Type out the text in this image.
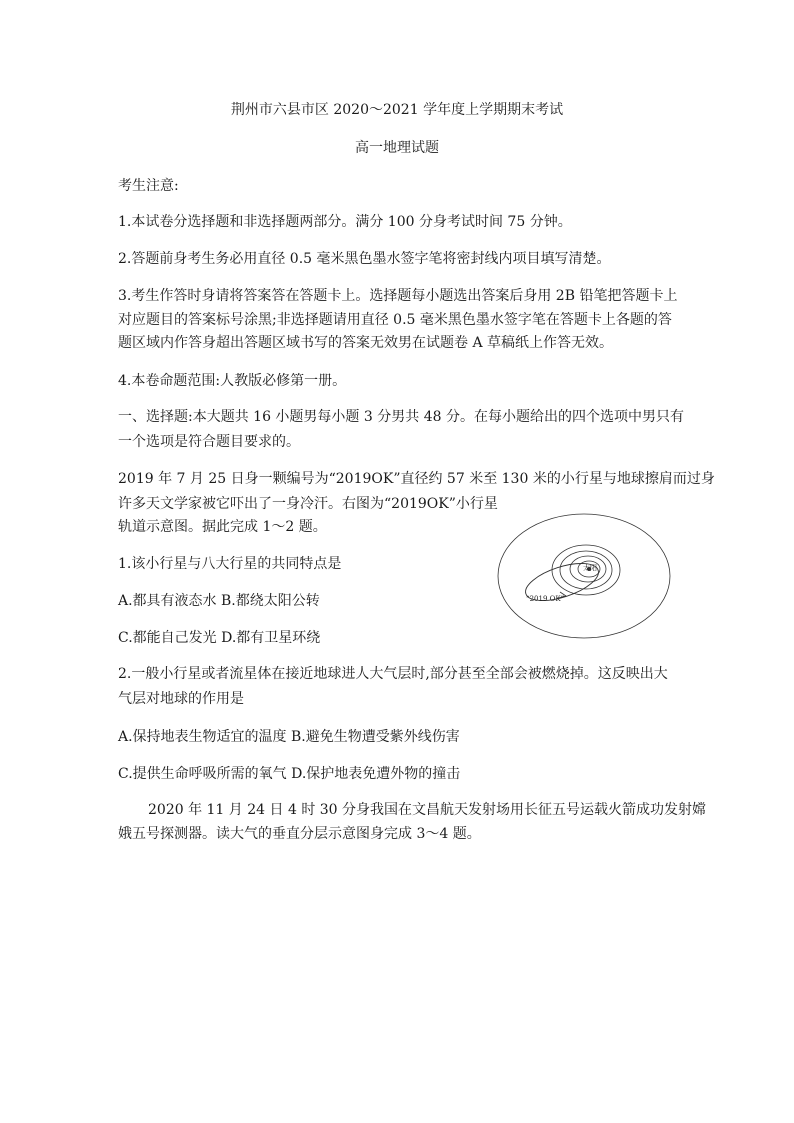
荆州市六县市区 2020～2021 学年度上学期期末考试
高一地理试题
考生注意:
1.本试卷分选择题和非选择题两部分。满分 100 分身考试时间 75 分钟。
2.答题前身考生务必用直径 0.5 毫米黑色墨水签字笔将密封线内项目填写清楚。
3.考生作答时身请将答案答在答题卡上。选择题每小题选出答案后身用 2B 铅笔把答题卡上
对应题目的答案标号涂黑;非选择题请用直径 0.5 毫米黑色墨水签字笔在答题卡上各题的答
题区域内作答身超出答题区域书写的答案无效男在试题卷 A 草稿纸上作答无效。
4.本卷命题范围:人教版必修第一册。
一、选择题:本大题共 16 小题男每小题 3 分男共 48 分。在每小题给出的四个选项中男只有
一个选项是符合题目要求的。
2019 年 7 月 25 日身一颗编号为“2019OK”直径约 57 米至 130 米的小行星与地球擦肩而过身
许多天文学家被它吓出了一身冷汗。右图为“2019OK”小行星
轨道示意图。据此完成 1～2 题。
1.该小行星与八大行星的共同特点是
A.都具有液态水 B.都绕太阳公转
C.都能自己发光 D.都有卫星环绕
2.一般小行星或者流星体在接近地球进人大气层时,部分甚至全部会被燃烧掉。这反映出大
气层对地球的作用是
A.保持地表生物适宜的温度 B.避免生物遭受紫外线伤害
C.提供生命呼吸所需的氧气 D.保护地表免遭外物的撞击
2020 年 11 月 24 日 4 时 30 分身我国在文昌航天发射场用长征五号运载火箭成功发射嫦
娥五号探测器。读大气的垂直分层示意图身完成 3～4 题。
太阳
“2019 OK”
